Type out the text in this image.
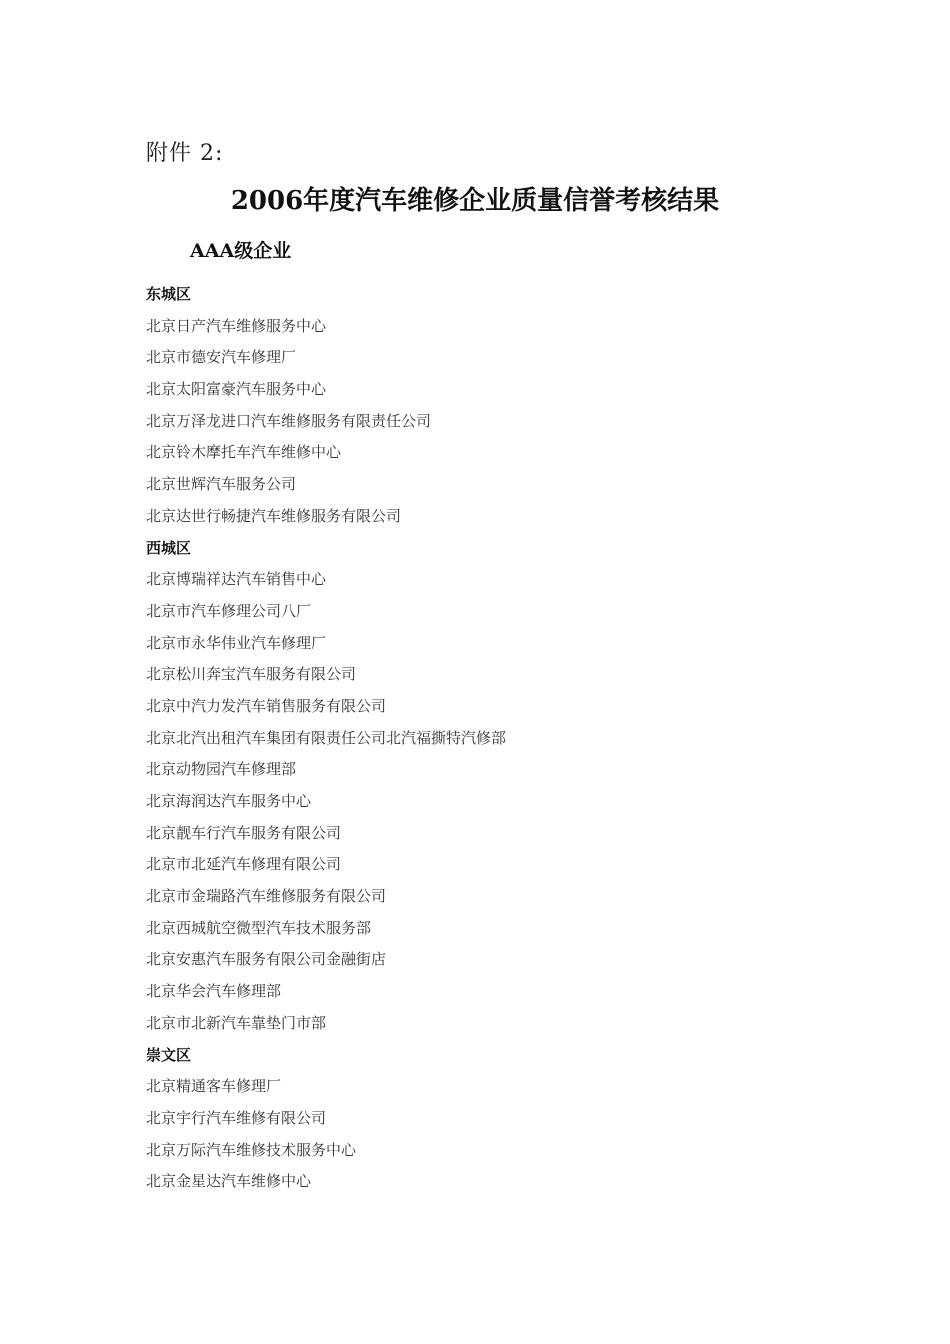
附件 2:
2006年度汽车维修企业质量信誉考核结果
AAA级企业
东城区
北京日产汽车维修服务中心
北京市德安汽车修理厂
北京太阳富豪汽车服务中心
北京万泽龙进口汽车维修服务有限责任公司
北京铃木摩托车汽车维修中心
北京世辉汽车服务公司
北京达世行畅捷汽车维修服务有限公司
西城区
北京博瑞祥达汽车销售中心
北京市汽车修理公司八厂
北京市永华伟业汽车修理厂
北京松川奔宝汽车服务有限公司
北京中汽力发汽车销售服务有限公司
北京北汽出租汽车集团有限责任公司北汽福撕特汽修部
北京动物园汽车修理部
北京海润达汽车服务中心
北京靓车行汽车服务有限公司
北京市北延汽车修理有限公司
北京市金瑞路汽车维修服务有限公司
北京西城航空微型汽车技术服务部
北京安惠汽车服务有限公司金融街店
北京华会汽车修理部
北京市北新汽车靠垫门市部
崇文区
北京精通客车修理厂
北京宇行汽车维修有限公司
北京万际汽车维修技术服务中心
北京金星达汽车维修中心
